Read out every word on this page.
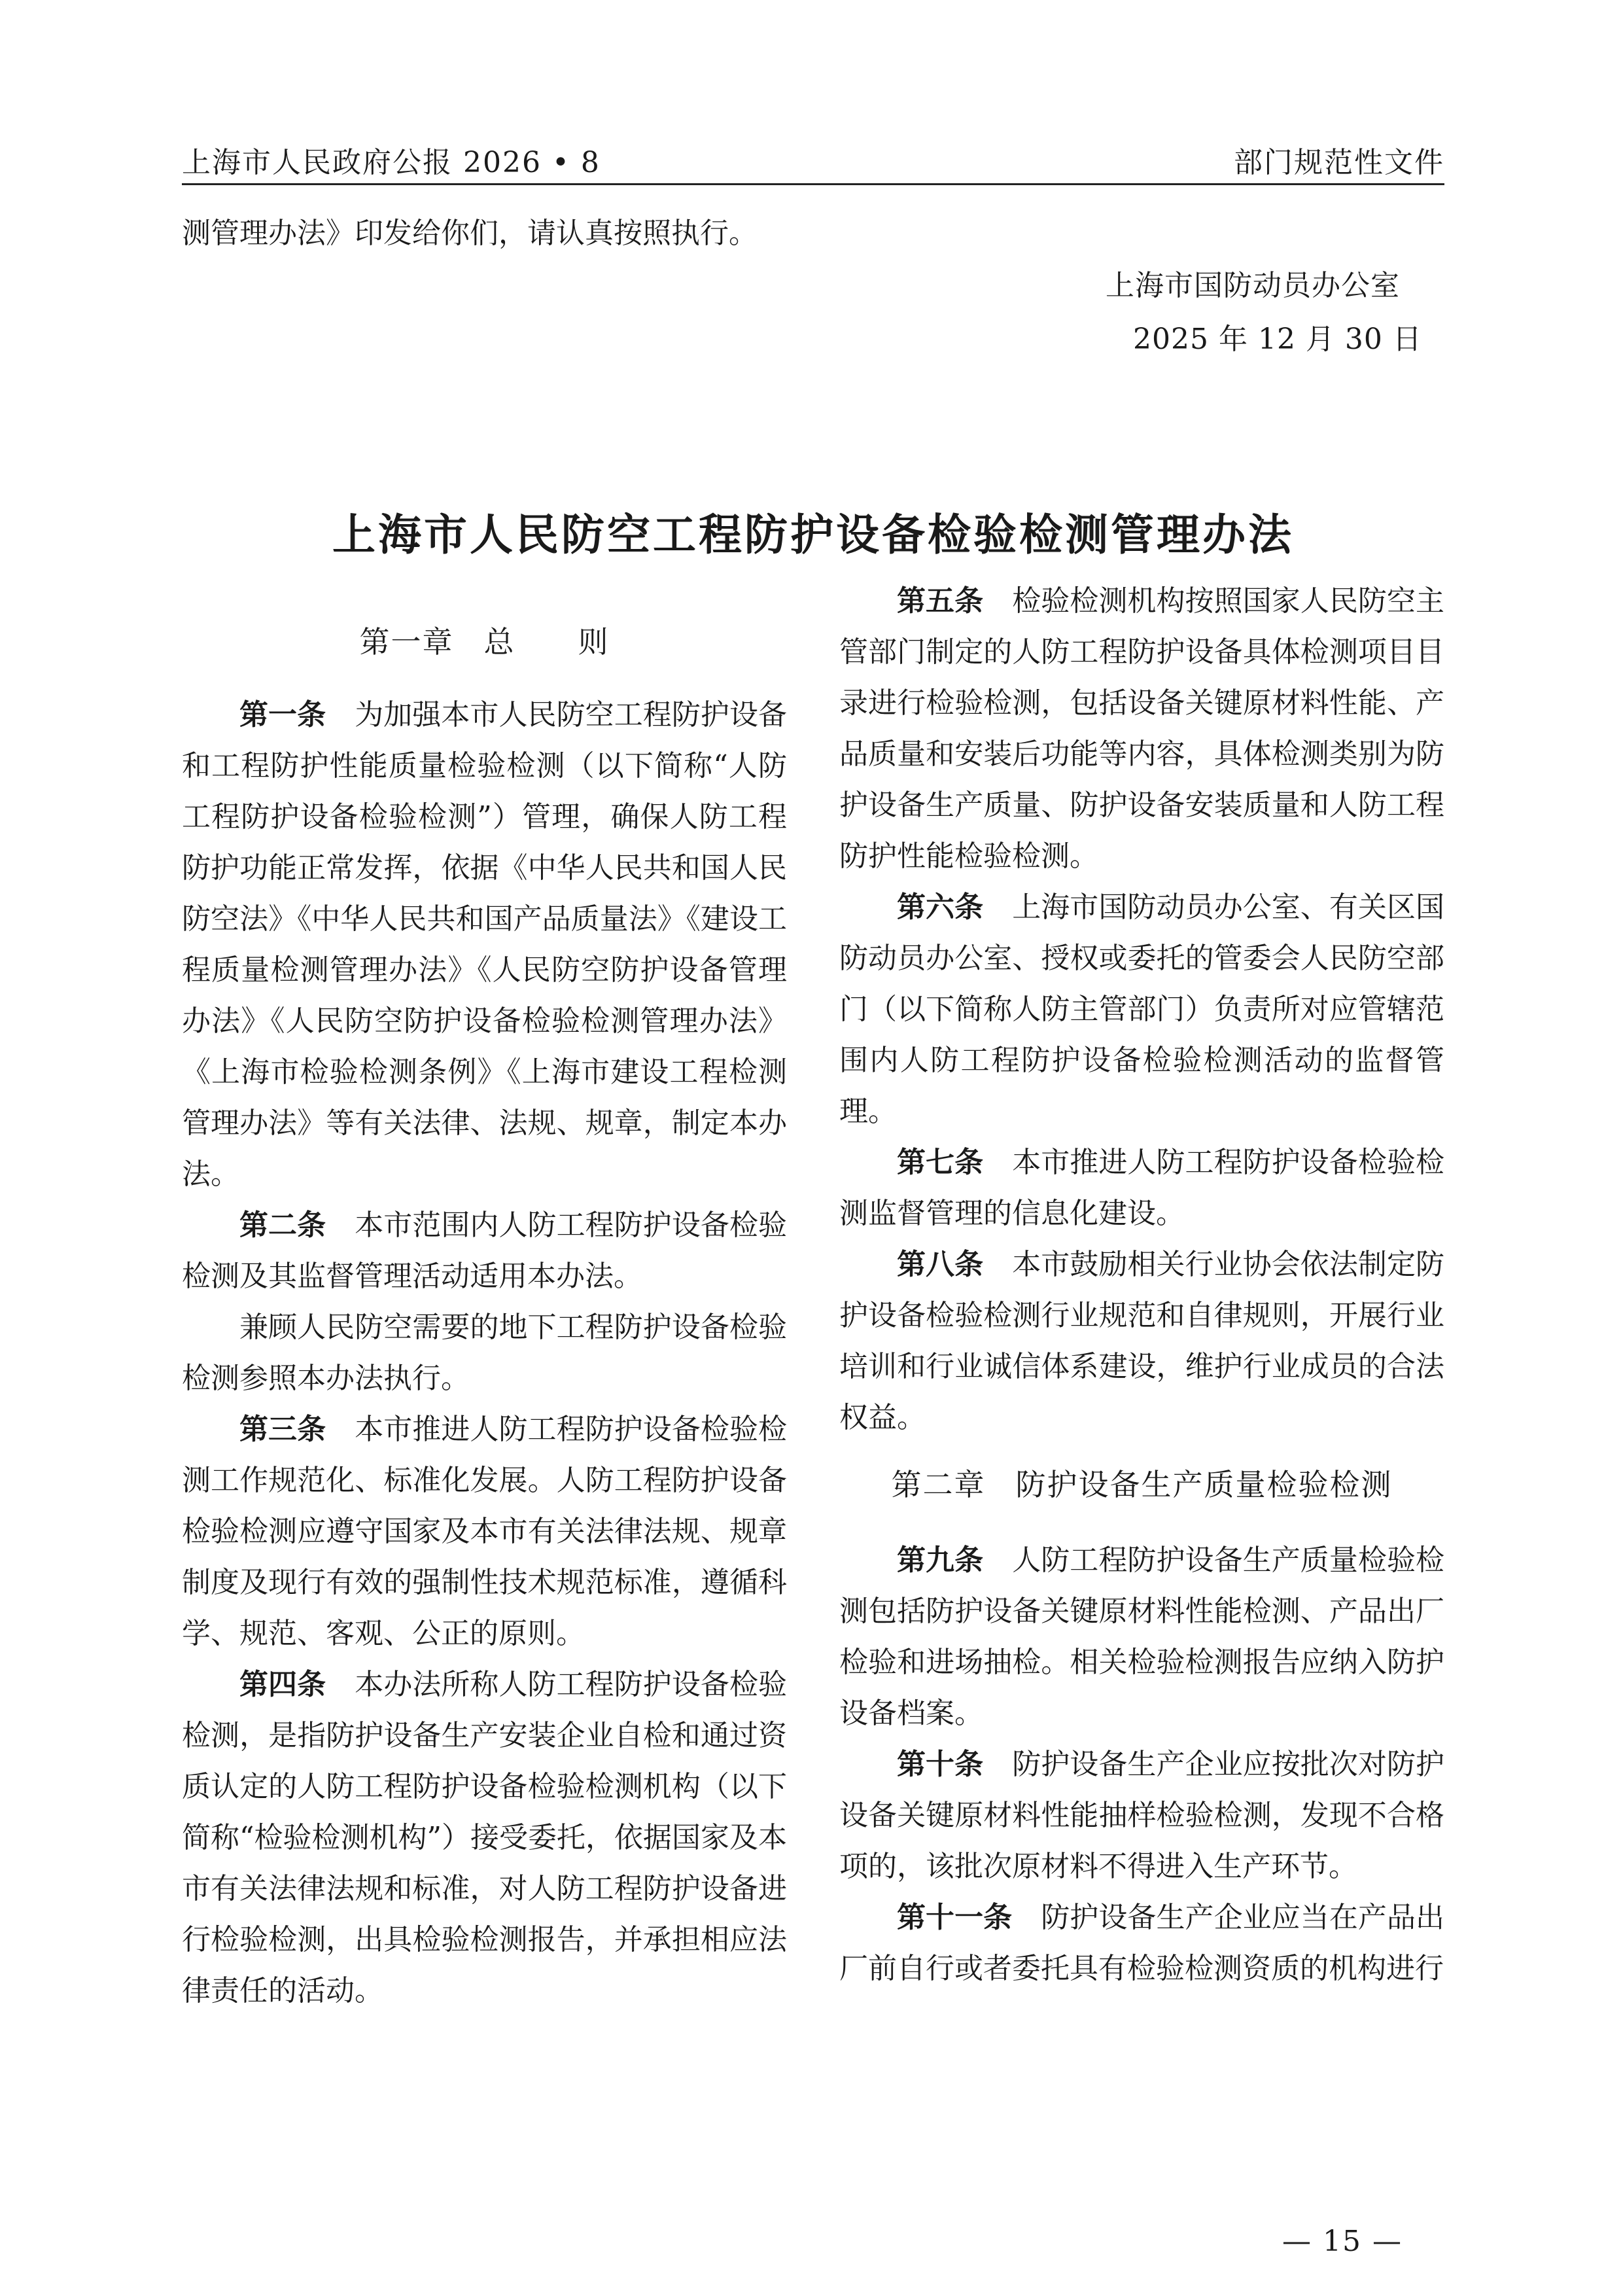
上海市人民政府公报 2026 • 8	部门规范性文件
测管理办法》印发给你们，请认真按照执行。
上海市国防动员办公室
2025 年 12 月 30 日
上海市人民防空工程防护设备检验检测管理办法
第一章 总　　则

第一条 为加强本市人民防空工程防护设备和工程防护性能质量检验检测（以下简称“人防工程防护设备检验检测”）管理，确保人防工程防护功能正常发挥，依据《中华人民共和国人民防空法》《中华人民共和国产品质量法》《建设工程质量检测管理办法》《人民防空防护设备管理办法》《人民防空防护设备检验检测管理办法》《上海市检验检测条例》《上海市建设工程检测管理办法》等有关法律、法规、规章，制定本办法。

第二条 本市范围内人防工程防护设备检验检测及其监督管理活动适用本办法。

兼顾人民防空需要的地下工程防护设备检验检测参照本办法执行。

第三条 本市推进人防工程防护设备检验检测工作规范化、标准化发展。人防工程防护设备检验检测应遵守国家及本市有关法律法规、规章制度及现行有效的强制性技术规范标准，遵循科学、规范、客观、公正的原则。

第四条 本办法所称人防工程防护设备检验检测，是指防护设备生产安装企业自检和通过资质认定的人防工程防护设备检验检测机构（以下简称“检验检测机构”）接受委托，依据国家及本市有关法律法规和标准，对人防工程防护设备进行检验检测，出具检验检测报告，并承担相应法律责任的活动。

第五条 检验检测机构按照国家人民防空主管部门制定的人防工程防护设备具体检测项目目录进行检验检测，包括设备关键原材料性能、产品质量和安装后功能等内容，具体检测类别为防护设备生产质量、防护设备安装质量和人防工程防护性能检验检测。

第六条 上海市国防动员办公室、有关区国防动员办公室、授权或委托的管委会人民防空部门（以下简称人防主管部门）负责所对应管辖范围内人防工程防护设备检验检测活动的监督管理。

第七条 本市推进人防工程防护设备检验检测监督管理的信息化建设。

第八条 本市鼓励相关行业协会依法制定防护设备检验检测行业规范和自律规则，开展行业培训和行业诚信体系建设，维护行业成员的合法权益。

第二章 防护设备生产质量检验检测

第九条 人防工程防护设备生产质量检验检测包括防护设备关键原材料性能检测、产品出厂检验和进场抽检。相关检验检测报告应纳入防护设备档案。

第十条 防护设备生产企业应按批次对防护设备关键原材料性能抽样检验检测，发现不合格项的，该批次原材料不得进入生产环节。

第十一条 防护设备生产企业应当在产品出厂前自行或者委托具有检验检测资质的机构进行

— 15 —
